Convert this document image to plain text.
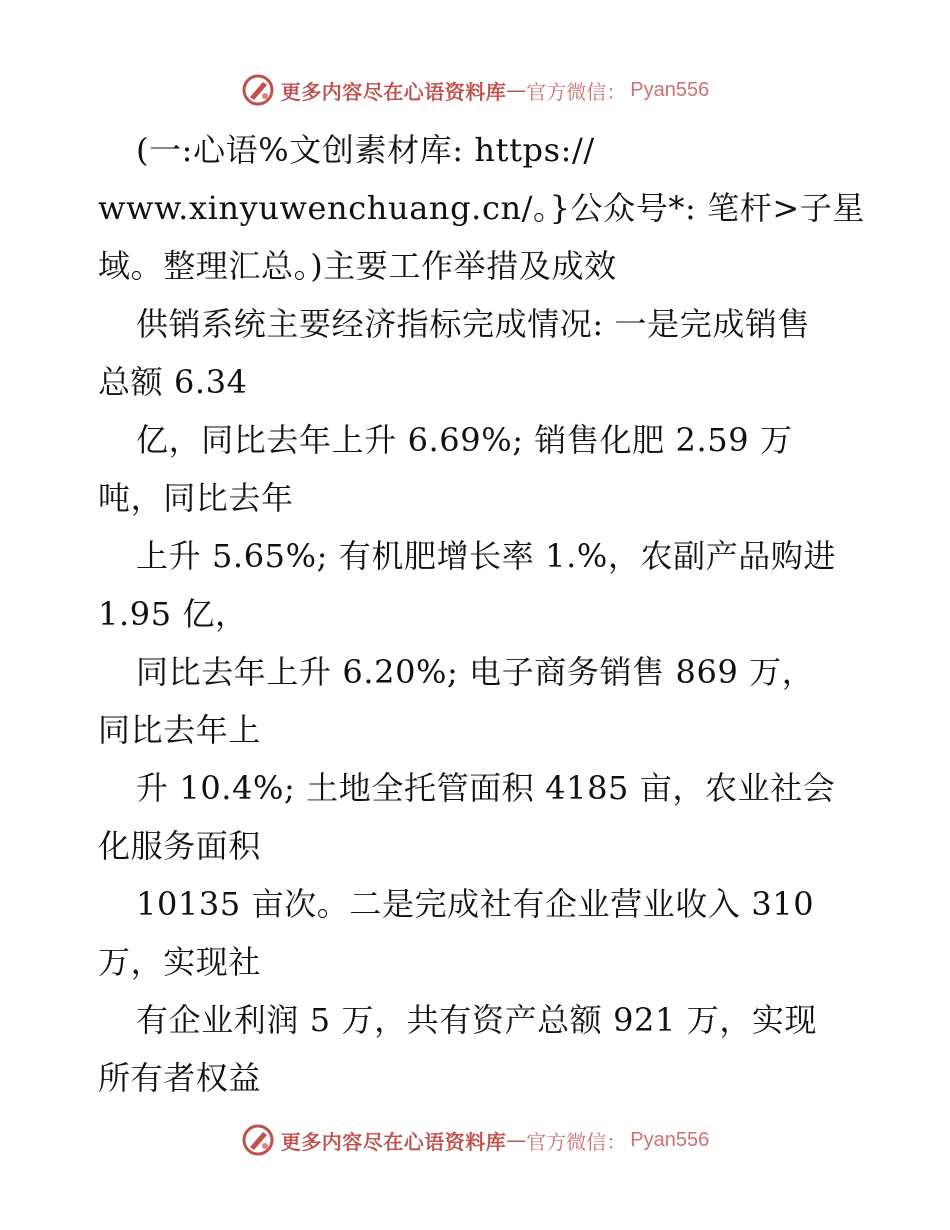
更多内容尽在心语资料库 — 官方微信： Pyan556
(一:心语%文创素材库: https://
www.xinyuwenchuang.cn/。}公众号*: 笔杆>子星
域。整理汇总。)主要工作举措及成效
供销系统主要经济指标完成情况: 一是完成销售
总额 6.34
亿，同比去年上升 6.69%; 销售化肥 2.59 万
吨，同比去年
上升 5.65%; 有机肥增长率 1.%，农副产品购进
1.95 亿，
同比去年上升 6.20%; 电子商务销售 869 万，
同比去年上
升 10.4%; 土地全托管面积 4185 亩，农业社会
化服务面积
10135 亩次。二是完成社有企业营业收入 310
万，实现社
有企业利润 5 万，共有资产总额 921 万，实现
所有者权益
更多内容尽在心语资料库 — 官方微信： Pyan556
